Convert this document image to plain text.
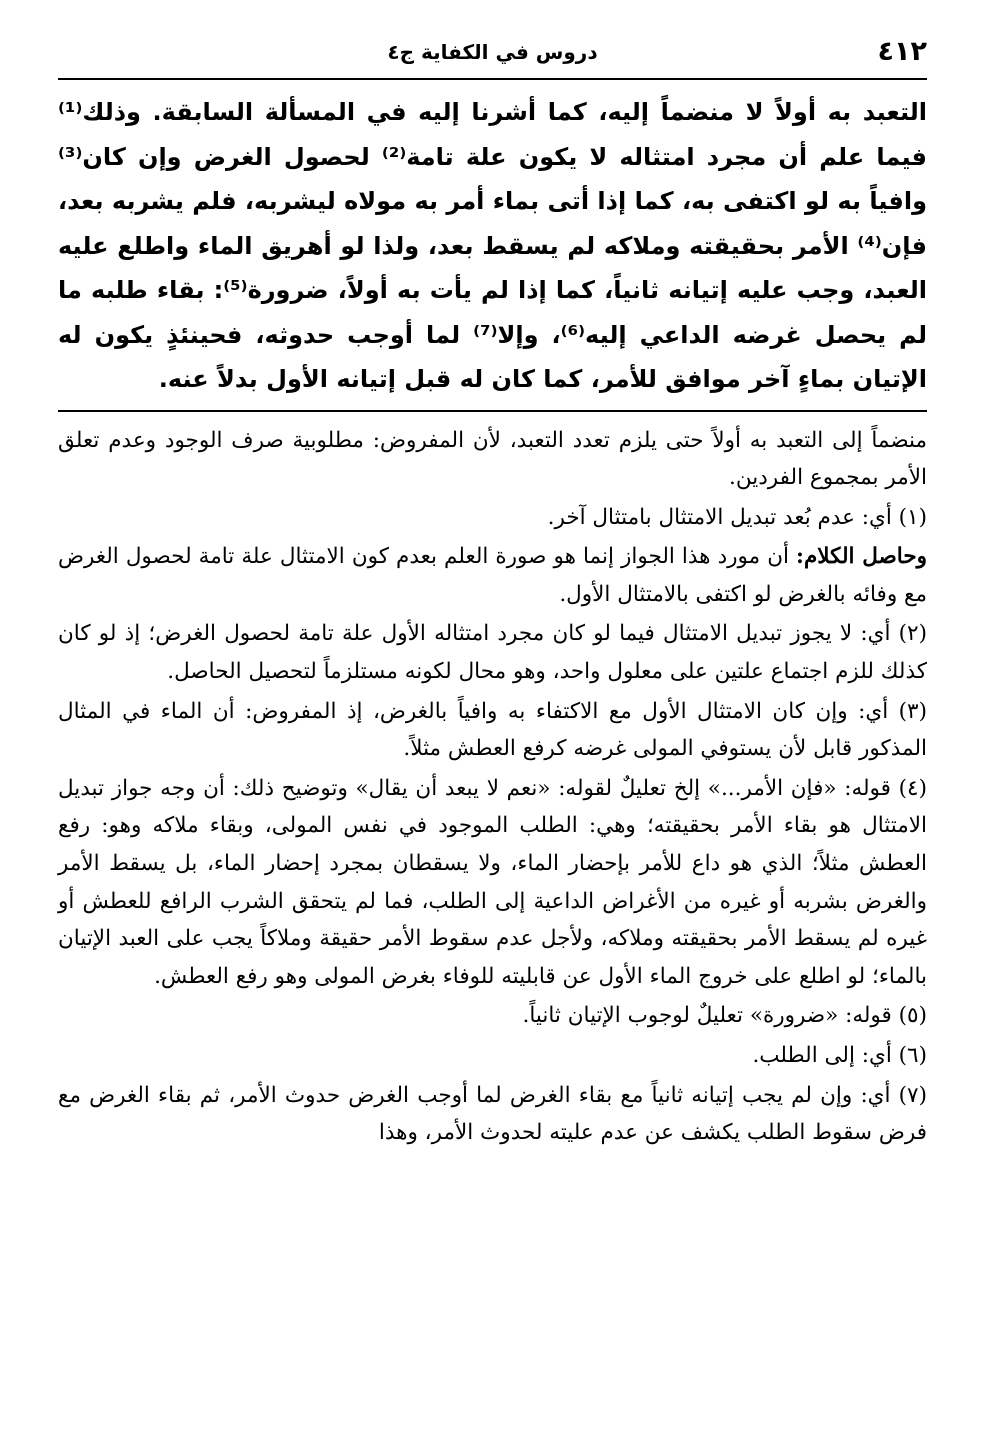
٤١٢
دروس في الكفاية ج٤

التعبد به أولاً لا منضماً إليه، كما أشرنا إليه في المسألة السابقة. وذلك⁽¹⁾ فيما علم أن مجرد امتثاله لا يكون علة تامة⁽²⁾ لحصول الغرض وإن كان⁽³⁾ وافياً به لو اكتفى به، كما إذا أتى بماء أمر به مولاه ليشربه، فلم يشربه بعد، فإن⁽⁴⁾ الأمر بحقيقته وملاكه لم يسقط بعد، ولذا لو أهريق الماء واطلع عليه العبد، وجب عليه إتيانه ثانياً، كما إذا لم يأت به أولاً، ضرورة⁽⁵⁾: بقاء طلبه ما لم يحصل غرضه الداعي إليه⁽⁶⁾، وإلا⁽⁷⁾ لما أوجب حدوثه، فحينئذٍ يكون له الإتيان بماءٍ آخر موافق للأمر، كما كان له قبل إتيانه الأول بدلاً عنه.

منضماً إلى التعبد به أولاً حتى يلزم تعدد التعبد، لأن المفروض: مطلوبية صرف الوجود وعدم تعلق الأمر بمجموع الفردين.

(١) أي: عدم بُعد تبديل الامتثال بامتثال آخر.

وحاصل الكلام: أن مورد هذا الجواز إنما هو صورة العلم بعدم كون الامتثال علة تامة لحصول الغرض مع وفائه بالغرض لو اكتفى بالامتثال الأول.

(٢) أي: لا يجوز تبديل الامتثال فيما لو كان مجرد امتثاله الأول علة تامة لحصول الغرض؛ إذ لو كان كذلك للزم اجتماع علتين على معلول واحد، وهو محال لكونه مستلزماً لتحصيل الحاصل.

(٣) أي: وإن كان الامتثال الأول مع الاكتفاء به وافياً بالغرض، إذ المفروض: أن الماء في المثال المذكور قابل لأن يستوفي المولى غرضه كرفع العطش مثلاً.

(٤) قوله: «فإن الأمر...» إلخ تعليلٌ لقوله: «نعم لا يبعد أن يقال» وتوضيح ذلك: أن وجه جواز تبديل الامتثال هو بقاء الأمر بحقيقته؛ وهي: الطلب الموجود في نفس المولى، وبقاء ملاكه وهو: رفع العطش مثلاً؛ الذي هو داع للأمر بإحضار الماء، ولا يسقطان بمجرد إحضار الماء، بل يسقط الأمر والغرض بشربه أو غيره من الأغراض الداعية إلى الطلب، فما لم يتحقق الشرب الرافع للعطش أو غيره لم يسقط الأمر بحقيقته وملاكه، ولأجل عدم سقوط الأمر حقيقة وملاكاً يجب على العبد الإتيان بالماء؛ لو اطلع على خروج الماء الأول عن قابليته للوفاء بغرض المولى وهو رفع العطش.

(٥) قوله: «ضرورة» تعليلٌ لوجوب الإتيان ثانياً.

(٦) أي: إلى الطلب.

(٧) أي: وإن لم يجب إتيانه ثانياً مع بقاء الغرض لما أوجب الغرض حدوث الأمر، ثم بقاء الغرض مع فرض سقوط الطلب يكشف عن عدم عليته لحدوث الأمر، وهذا
